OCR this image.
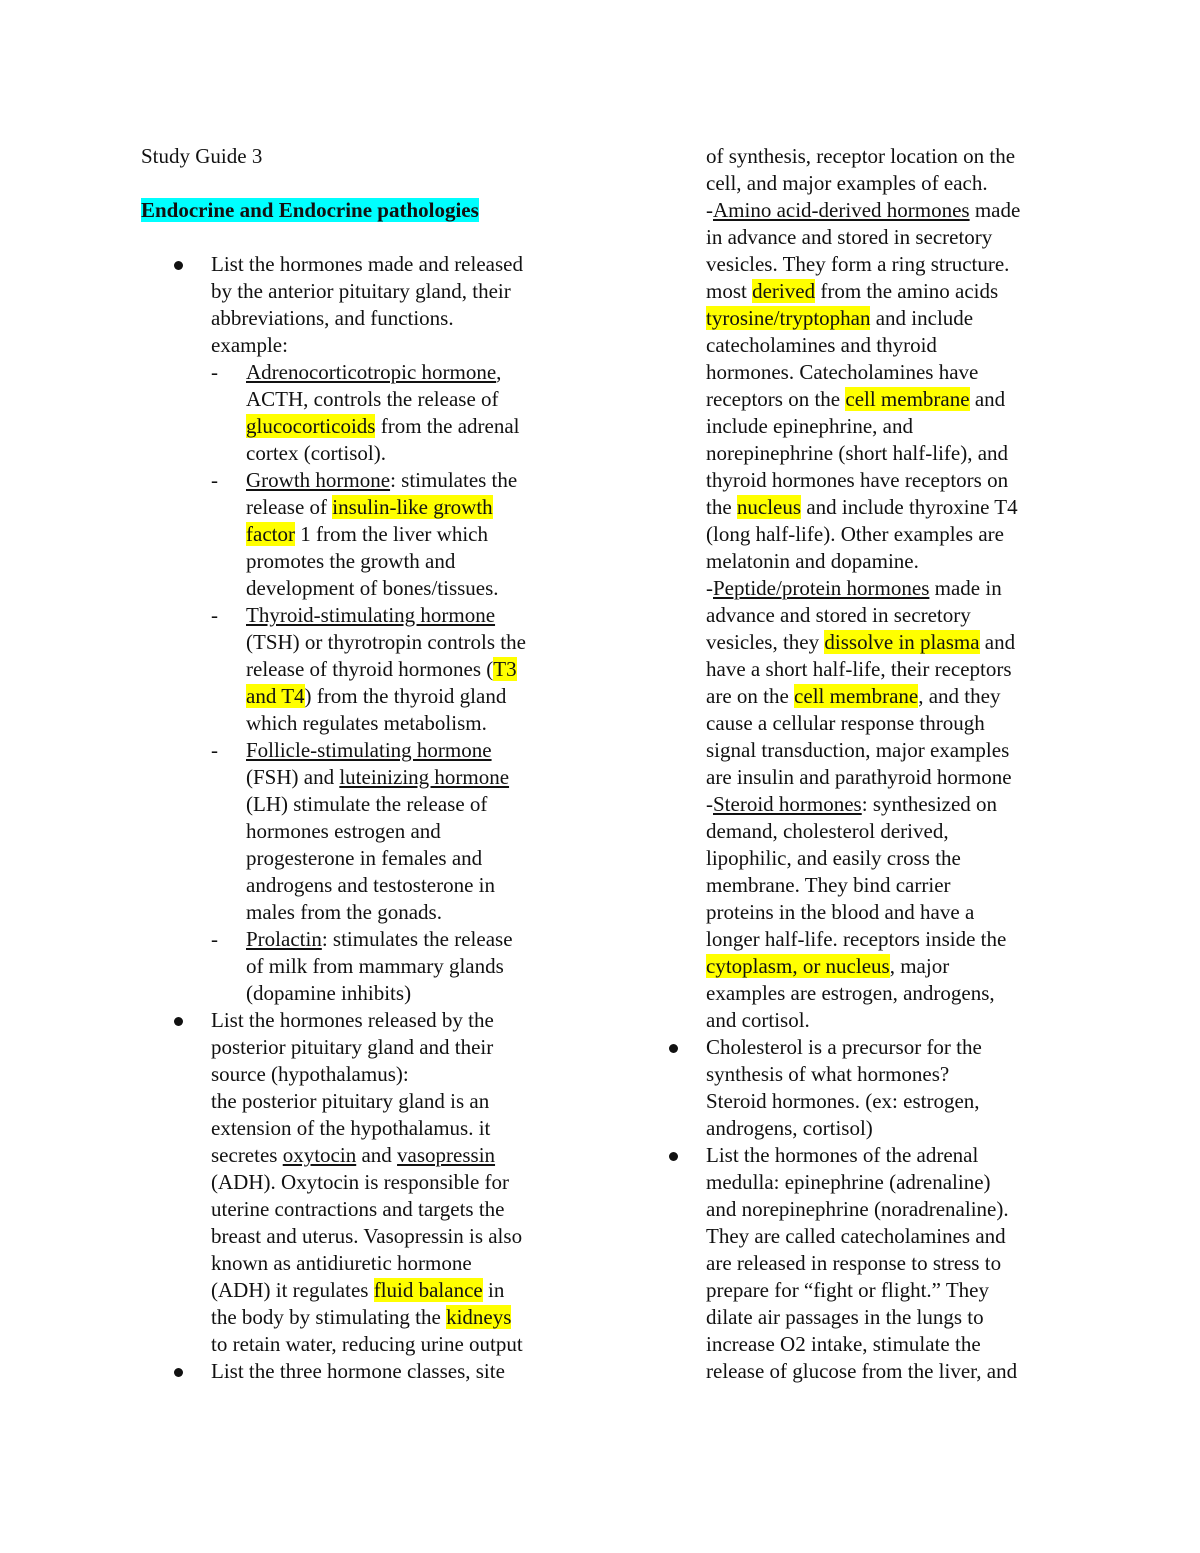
Study Guide 3
Endocrine and Endocrine pathologies
List the hormones made and released
by the anterior pituitary gland, their
abbreviations, and functions.
example:
- Adrenocorticotropic hormone,
ACTH, controls the release of
glucocorticoids from the adrenal
cortex (cortisol).
- Growth hormone: stimulates the
release of insulin-like growth
factor 1 from the liver which
promotes the growth and
development of bones/tissues.
- Thyroid-stimulating hormone
(TSH) or thyrotropin controls the
release of thyroid hormones (T3
and T4) from the thyroid gland
which regulates metabolism.
- Follicle-stimulating hormone
(FSH) and luteinizing hormone
(LH) stimulate the release of
hormones estrogen and
progesterone in females and
androgens and testosterone in
males from the gonads.
- Prolactin: stimulates the release
of milk from mammary glands
(dopamine inhibits)
List the hormones released by the
posterior pituitary gland and their
source (hypothalamus):
the posterior pituitary gland is an
extension of the hypothalamus. it
secretes oxytocin and vasopressin
(ADH). Oxytocin is responsible for
uterine contractions and targets the
breast and uterus. Vasopressin is also
known as antidiuretic hormone
(ADH) it regulates fluid balance in
the body by stimulating the kidneys
to retain water, reducing urine output
List the three hormone classes, site
of synthesis, receptor location on the
cell, and major examples of each.
-Amino acid-derived hormones made
in advance and stored in secretory
vesicles. They form a ring structure.
most derived from the amino acids
tyrosine/tryptophan and include
catecholamines and thyroid
hormones. Catecholamines have
receptors on the cell membrane and
include epinephrine, and
norepinephrine (short half-life), and
thyroid hormones have receptors on
the nucleus and include thyroxine T4
(long half-life). Other examples are
melatonin and dopamine.
-Peptide/protein hormones made in
advance and stored in secretory
vesicles, they dissolve in plasma and
have a short half-life, their receptors
are on the cell membrane, and they
cause a cellular response through
signal transduction, major examples
are insulin and parathyroid hormone
-Steroid hormones: synthesized on
demand, cholesterol derived,
lipophilic, and easily cross the
membrane. They bind carrier
proteins in the blood and have a
longer half-life. receptors inside the
cytoplasm, or nucleus, major
examples are estrogen, androgens,
and cortisol.
Cholesterol is a precursor for the
synthesis of what hormones?
Steroid hormones. (ex: estrogen,
androgens, cortisol)
List the hormones of the adrenal
medulla: epinephrine (adrenaline)
and norepinephrine (noradrenaline).
They are called catecholamines and
are released in response to stress to
prepare for “fight or flight.” They
dilate air passages in the lungs to
increase O2 intake, stimulate the
release of glucose from the liver, and
